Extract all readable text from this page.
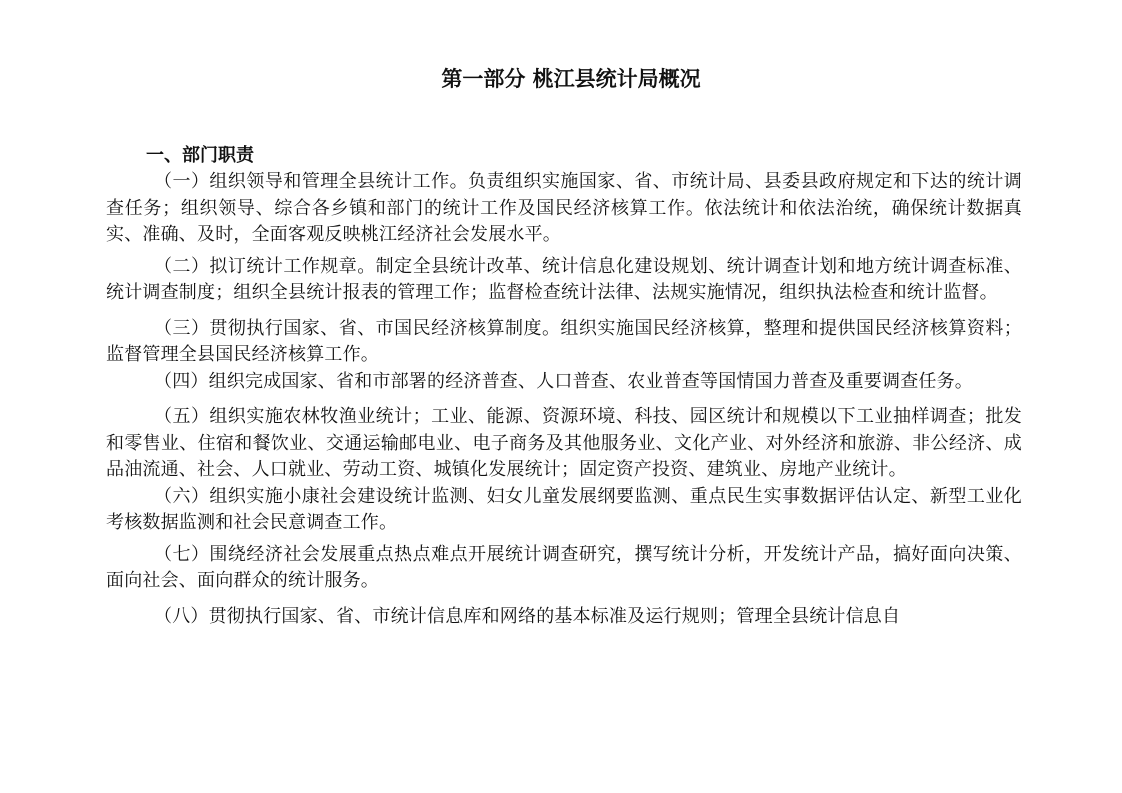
第一部分 桃江县统计局概况

一、部门职责

（一）组织领导和管理全县统计工作。负责组织实施国家、省、市统计局、县委县政府规定和下达的统计调查任务；组织领导、综合各乡镇和部门的统计工作及国民经济核算工作。依法统计和依法治统，确保统计数据真实、准确、及时，全面客观反映桃江经济社会发展水平。

（二）拟订统计工作规章。制定全县统计改革、统计信息化建设规划、统计调查计划和地方统计调查标准、统计调查制度；组织全县统计报表的管理工作；监督检查统计法律、法规实施情况，组织执法检查和统计监督。

（三）贯彻执行国家、省、市国民经济核算制度。组织实施国民经济核算，整理和提供国民经济核算资料；监督管理全县国民经济核算工作。

（四）组织完成国家、省和市部署的经济普查、人口普查、农业普查等国情国力普查及重要调查任务。

（五）组织实施农林牧渔业统计；工业、能源、资源环境、科技、园区统计和规模以下工业抽样调查；批发和零售业、住宿和餐饮业、交通运输邮电业、电子商务及其他服务业、文化产业、对外经济和旅游、非公经济、成品油流通、社会、人口就业、劳动工资、城镇化发展统计；固定资产投资、建筑业、房地产业统计。

（六）组织实施小康社会建设统计监测、妇女儿童发展纲要监测、重点民生实事数据评估认定、新型工业化考核数据监测和社会民意调查工作。

（七）围绕经济社会发展重点热点难点开展统计调查研究，撰写统计分析，开发统计产品，搞好面向决策、面向社会、面向群众的统计服务。

（八）贯彻执行国家、省、市统计信息库和网络的基本标准及运行规则；管理全县统计信息自
